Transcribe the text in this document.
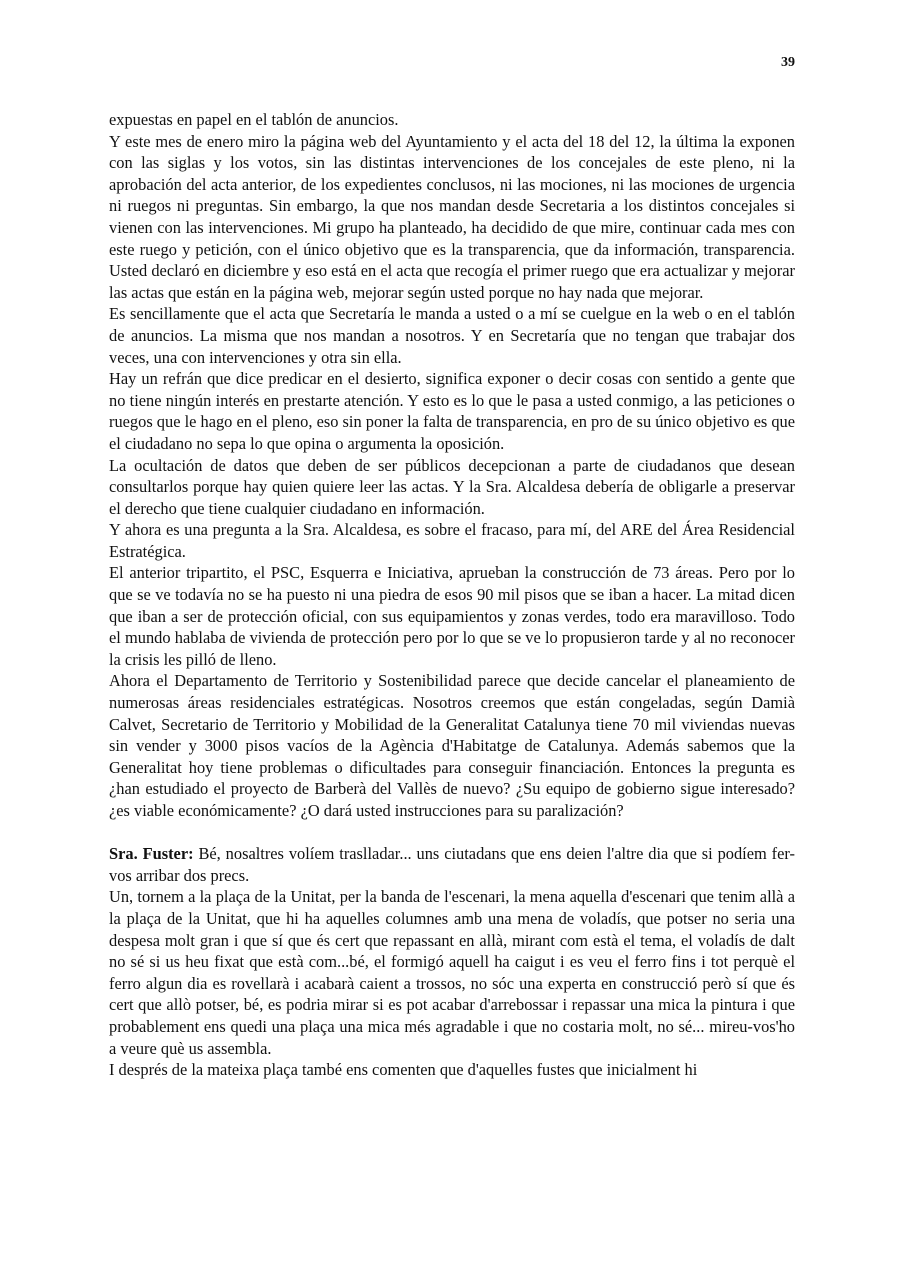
39

expuestas en papel en el tablón de anuncios.

Y este mes de enero miro la página web del Ayuntamiento y el acta del 18 del 12, la última la exponen con las siglas y los votos, sin las distintas intervenciones de los concejales de este pleno, ni la aprobación del acta anterior, de los expedientes conclusos, ni las mociones, ni las mociones de urgencia ni ruegos ni preguntas. Sin embargo, la que nos mandan desde Secretaria a los distintos concejales si vienen con las intervenciones. Mi grupo ha planteado, ha decidido de que mire, continuar cada mes con este ruego y petición, con el único objetivo que es la transparencia, que da información, transparencia. Usted declaró en diciembre y eso está en el acta que recogía el primer ruego que era actualizar y mejorar las actas que están en la página web, mejorar según usted porque no hay nada que mejorar.

Es sencillamente que el acta que Secretaría le manda a usted o a mí se cuelgue en la web o en el tablón de anuncios. La misma que nos mandan a nosotros. Y en Secretaría que no tengan que trabajar dos veces, una con intervenciones y otra sin ella.

Hay un refrán que dice predicar en el desierto, significa exponer o decir cosas con sentido a gente que no tiene ningún interés en prestarte atención. Y esto es lo que le pasa a usted conmigo, a las peticiones o ruegos que le hago en el pleno, eso sin poner la falta de transparencia, en pro de su único objetivo es que el ciudadano no sepa lo que opina o argumenta la oposición.

La ocultación de datos que deben de ser públicos decepcionan a parte de ciudadanos que desean consultarlos porque hay quien quiere leer las actas. Y la Sra. Alcaldesa debería de obligarle a preservar el derecho que tiene cualquier ciudadano en información.

Y ahora es una pregunta a la Sra. Alcaldesa, es sobre el fracaso, para mí, del ARE del Área Residencial Estratégica.

El anterior tripartito, el PSC, Esquerra e Iniciativa, aprueban la construcción de 73 áreas. Pero por lo que se ve todavía no se ha puesto ni una piedra de esos 90 mil pisos que se iban a hacer. La mitad dicen que iban a ser de protección oficial, con sus equipamientos y zonas verdes, todo era maravilloso. Todo el mundo hablaba de vivienda de protección pero por lo que se ve lo propusieron tarde y al no reconocer la crisis les pilló de lleno.

Ahora el Departamento de Territorio y Sostenibilidad parece que decide cancelar el planeamiento de numerosas áreas residenciales estratégicas. Nosotros creemos que están congeladas, según Damià Calvet, Secretario de Territorio y Mobilidad de la Generalitat Catalunya tiene 70 mil viviendas nuevas sin vender y 3000 pisos vacíos de la Agència d'Habitatge de Catalunya. Además sabemos que la Generalitat hoy tiene problemas o dificultades para conseguir financiación. Entonces la pregunta es ¿han estudiado el proyecto de Barberà del Vallès de nuevo? ¿Su equipo de gobierno sigue interesado? ¿es viable económicamente? ¿O dará usted instrucciones para su paralización?

Sra. Fuster: Bé, nosaltres volíem traslladar... uns ciutadans que ens deien l'altre dia que si podíem fer-vos arribar dos precs.

Un, tornem a la plaça de la Unitat, per la banda de l'escenari, la mena aquella d'escenari que tenim allà a la plaça de la Unitat, que hi ha aquelles columnes amb una mena de voladís, que potser no seria una despesa molt gran i que sí que és cert que repassant en allà, mirant com està el tema, el voladís de dalt no sé si us heu fixat que està com...bé, el formigó aquell ha caigut i es veu el ferro fins i tot perquè el ferro algun dia es rovellarà i acabarà caient a trossos, no sóc una experta en construcció però sí que és cert que allò potser, bé, es podria mirar si es pot acabar d'arrebossar i repassar una mica la pintura i que probablement ens quedi una plaça una mica més agradable i que no costaria molt, no sé... mireu-vos'ho a veure què us assembla.

I després de la mateixa plaça també ens comenten que d'aquelles fustes que inicialment hi
